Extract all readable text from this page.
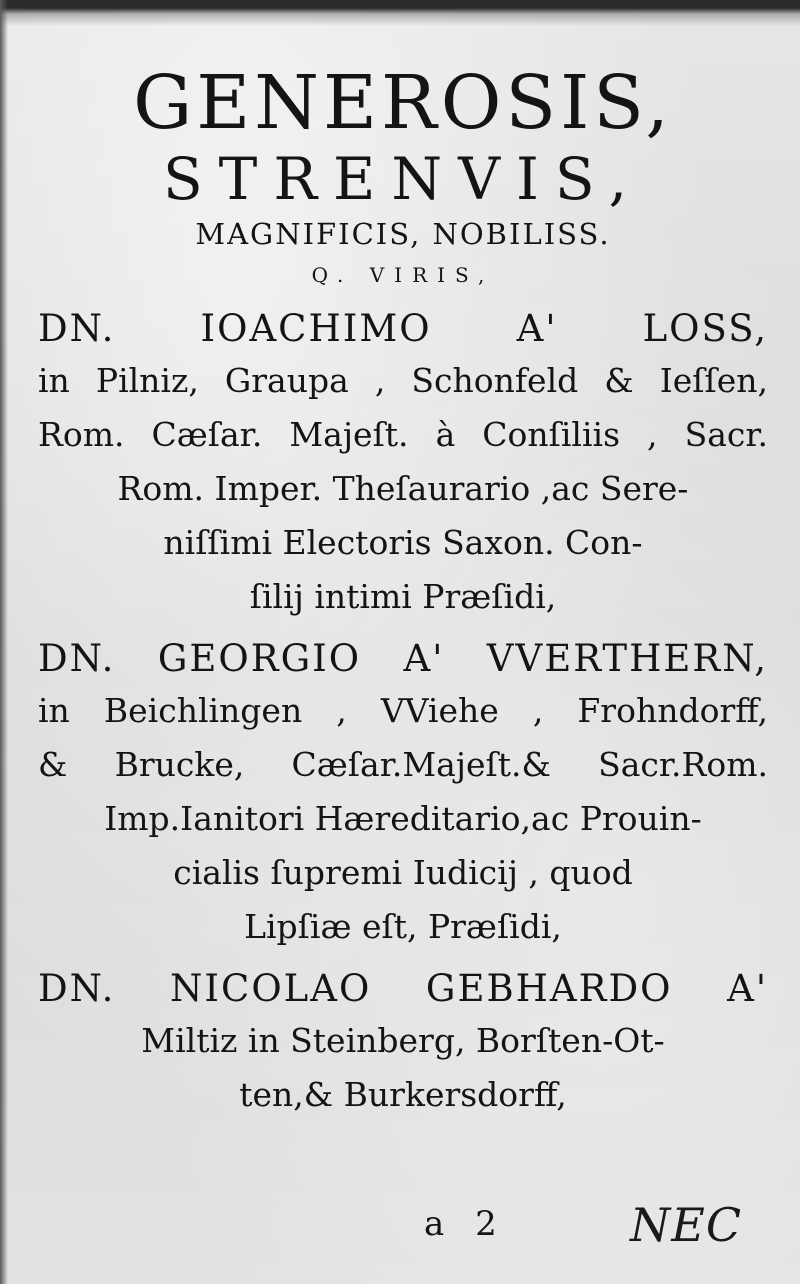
GENEROSIS,
STRENVIS,
MAGNIFICIS, NOBILISS.
Q. VIRIS,
DN. IOACHIMO A' LOSS,
in Pilniz, Graupa , Schonfeld & Ieſſen,
Rom. Cæſar. Majeſt. à Conſiliis , Sacr.
Rom. Imper. Theſaurario ,ac Sere-
niſſimi Electoris Saxon. Con-
ſilij intimi Præſidi,
DN. GEORGIO A' VVERTHERN,
in Beichlingen , VViehe , Frohndorff,
& Brucke, Cæſar.Majeſt.& Sacr.Rom.
Imp.Ianitori Hæreditario,ac Prouin-
cialis ſupremi Iudicij , quod
Lipſiæ eſt, Præſidi,
DN. NICOLAO GEBHARDO A'
Miltiz in Steinberg, Borſten-Ot-
ten,& Burkersdorff,
a 2	NEC
